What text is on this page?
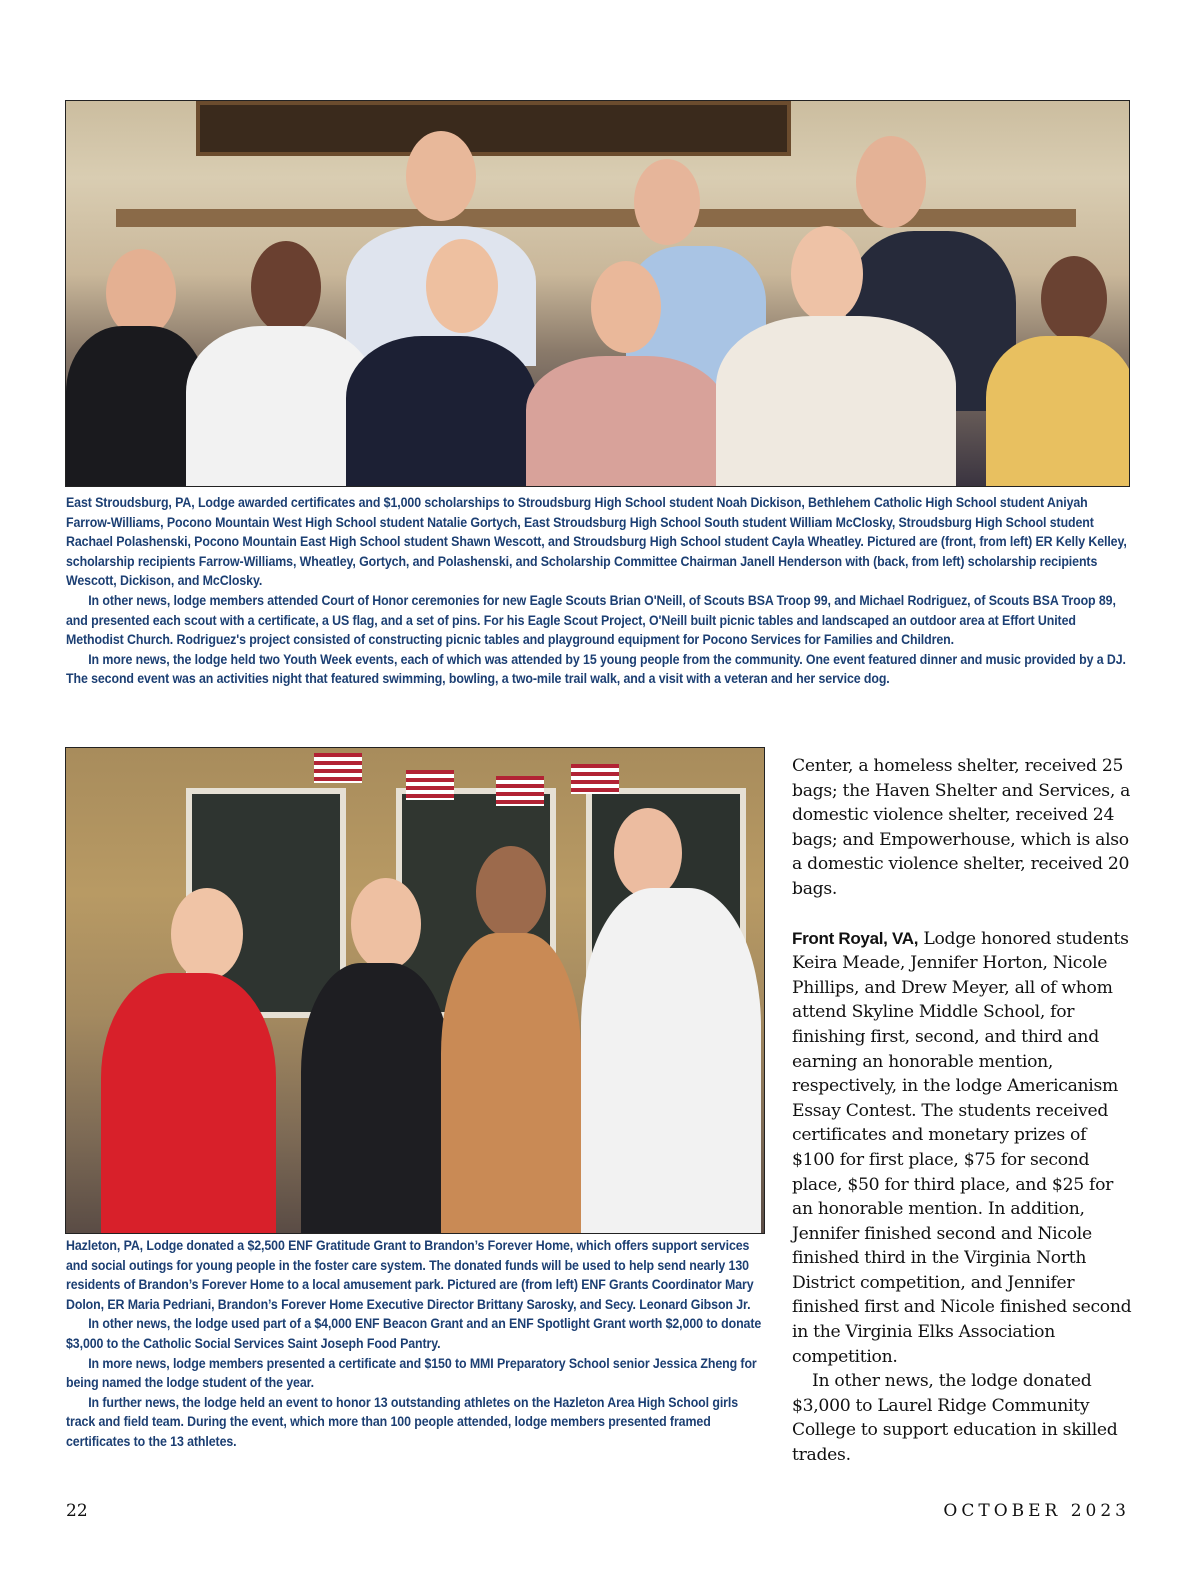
East Stroudsburg, PA, Lodge awarded certificates and $1,000 scholarships to Stroudsburg High School student Noah Dickison, Bethlehem Catholic High School student Aniyah Farrow-Williams, Pocono Mountain West High School student Natalie Gortych, East Stroudsburg High School South student William McClosky, Stroudsburg High School student Rachael Polashenski, Pocono Mountain East High School student Shawn Wescott, and Stroudsburg High School student Cayla Wheatley. Pictured are (front, from left) ER Kelly Kelley, scholarship recipients Farrow-Williams, Wheatley, Gortych, and Polashenski, and Scholarship Committee Chairman Janell Henderson with (back, from left) scholarship recipients Wescott, Dickison, and McClosky.

In other news, lodge members attended Court of Honor ceremonies for new Eagle Scouts Brian O'Neill, of Scouts BSA Troop 99, and Michael Rodriguez, of Scouts BSA Troop 89, and presented each scout with a certificate, a US flag, and a set of pins. For his Eagle Scout Project, O'Neill built picnic tables and landscaped an outdoor area at Effort United Methodist Church. Rodriguez's project consisted of constructing picnic tables and playground equipment for Pocono Services for Families and Children.

In more news, the lodge held two Youth Week events, each of which was attended by 15 young people from the community. One event featured dinner and music provided by a DJ. The second event was an activities night that featured swimming, bowling, a two-mile trail walk, and a visit with a veteran and her service dog.

Hazleton, PA, Lodge donated a $2,500 ENF Gratitude Grant to Brandon’s Forever Home, which offers support services and social outings for young people in the foster care system. The donated funds will be used to help send nearly 130 residents of Brandon’s Forever Home to a local amusement park. Pictured are (from left) ENF Grants Coordinator Mary Dolon, ER Maria Pedriani, Brandon’s Forever Home Executive Director Brittany Sarosky, and Secy. Leonard Gibson Jr.

In other news, the lodge used part of a $4,000 ENF Beacon Grant and an ENF Spotlight Grant worth $2,000 to donate $3,000 to the Catholic Social Services Saint Joseph Food Pantry.

In more news, lodge members presented a certificate and $150 to MMI Preparatory School senior Jessica Zheng for being named the lodge student of the year.

In further news, the lodge held an event to honor 13 outstanding athletes on the Hazleton Area High School girls track and field team. During the event, which more than 100 people attended, lodge members presented framed certificates to the 13 athletes.

Center, a homeless shelter, received 25 bags; the Haven Shelter and Services, a domestic violence shelter, received 24 bags; and Empowerhouse, which is also a domestic violence shelter, received 20 bags.

Front Royal, VA, Lodge honored students Keira Meade, Jennifer Horton, Nicole Phillips, and Drew Meyer, all of whom attend Skyline Middle School, for finishing first, second, and third and earning an honorable mention, respectively, in the lodge Americanism Essay Contest. The students received certificates and monetary prizes of $100 for first place, $75 for second place, $50 for third place, and $25 for an honorable mention. In addition, Jennifer finished second and Nicole finished third in the Virginia North District competition, and Jennifer finished first and Nicole finished second in the Virginia Elks Association competition.

In other news, the lodge donated $3,000 to Laurel Ridge Community College to support education in skilled trades.

22	OCTOBER 2023
